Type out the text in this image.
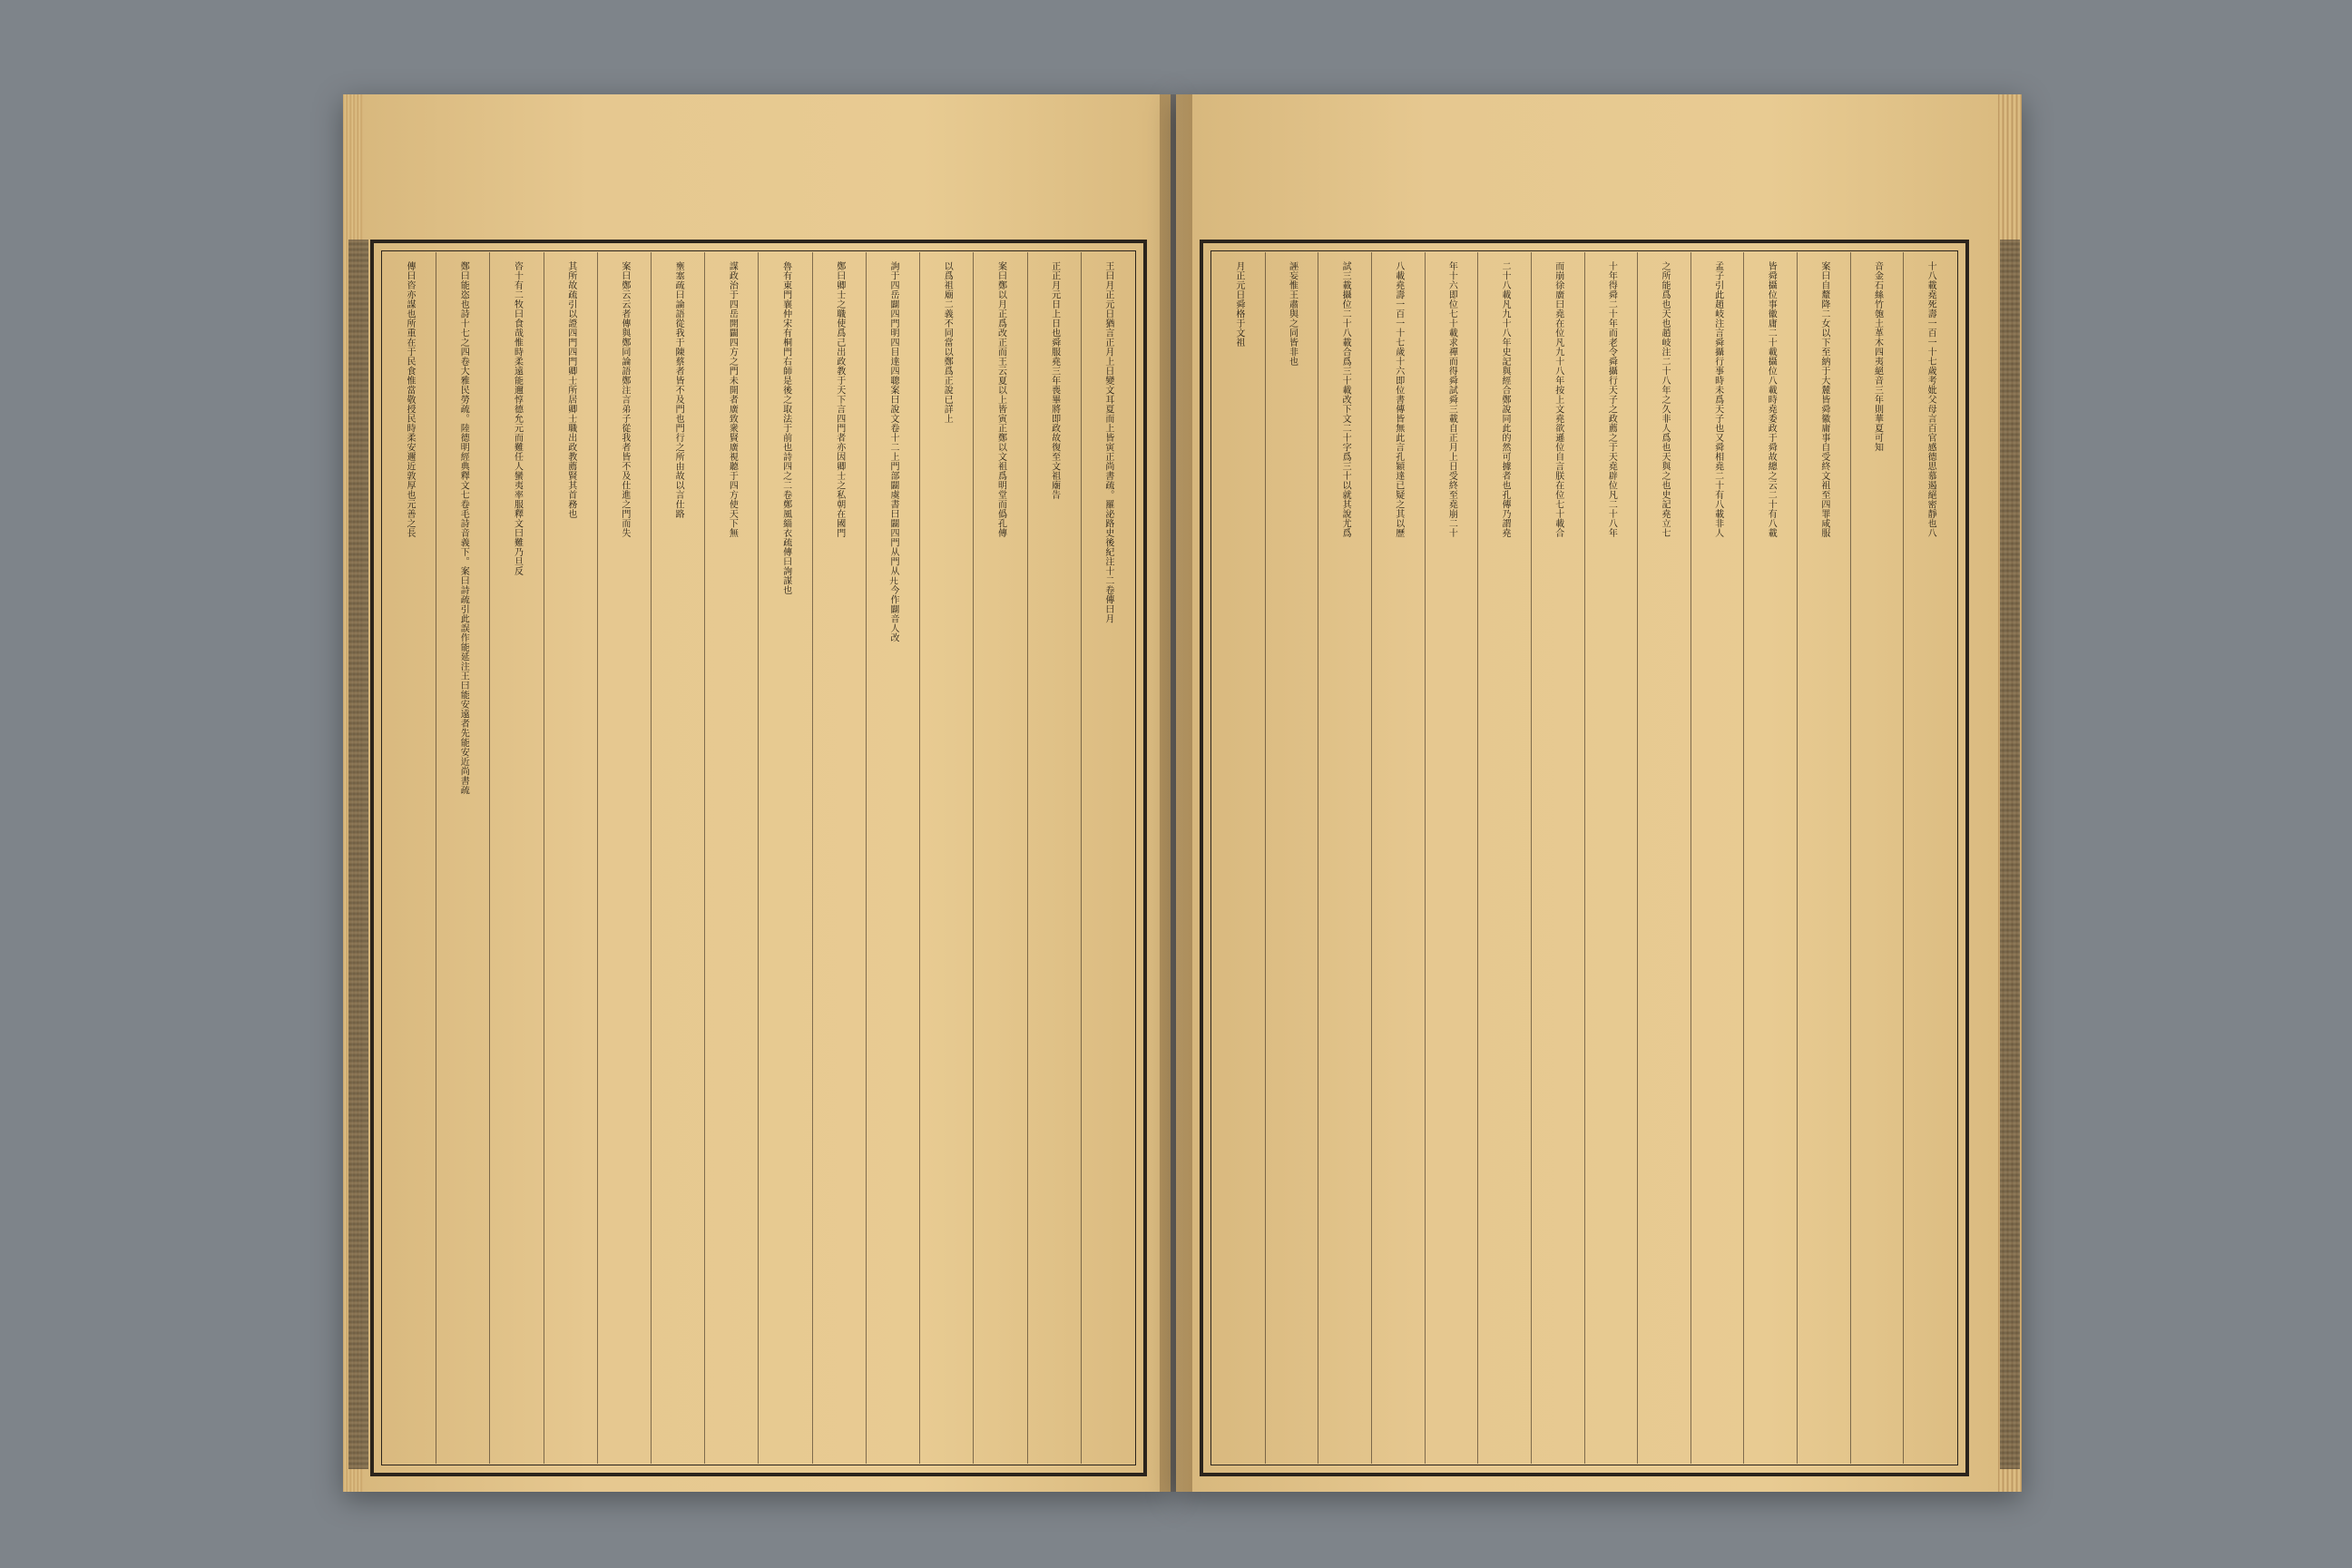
王曰月正元日猶言正月上日變文耳夏而上皆寅正尚書疏。羅泌路史後紀注十二卷傳曰月
正正月元日上日也舜服堯三年喪畢將即政故復至文祖廟告
案曰鄭以月正爲改正而王云夏以上皆寅正鄭以文祖爲明堂而僞孔傳
以爲祖廟二義不同當以鄭爲正說已詳上
詢于四岳闢四門明四目達四聰案曰說文卷十二上門部闢虞書曰闢四門从門从𢌬今作闢音人改
鄭曰卿士之職使爲己出政教于天下言四門者亦因卿士之私朝在國門
魯有東門襄仲宋有桐門右師是後之取法于前也詩四之二卷鄭風緇衣疏傳曰詢謀也
謀政治于四岳開闢四方之門未開者廣致衆賢廣視聽于四方使天下無
壅塞疏曰論語從我于陳蔡者皆不及門也門行之所由故以言仕路
案曰鄭云云者傳與鄭同論語鄭注言弟子從我者皆不及仕進之門而失
其所故疏引以證四門四門卿士所居卿士職出政教薦賢其首務也
咨十有二牧曰食哉惟時柔遠能邇惇德允元而難任人蠻夷率服釋文曰難乃旦反
鄭曰能恣也詩十七之四卷大雅民勞疏。陸德明經典釋文七卷毛詩音義下。案曰詩疏引此誤作能延注王曰能安遠者先能安近尚書疏
傳曰咨亦謀也所重在于民食惟當敬授民時柔安邇近敦厚也元善之長	十八載堯死壽一百一十七歲考妣父母言百官感德思慕遏絕密靜也八
音金石絲竹匏土革木四夷絕音三年則華夏可知
案曰自釐降二女以下至納于大麓皆舜徽庸事自受終文祖至四罪咸服
皆舜攝位事徽庸二十載攝位八載時堯委政于舜故總之云二十有八載
孟子引此趙岐注言舜攝行事時未爲天子也又舜相堯二十有八載非人
之所能爲也天也趙岐注二十八年之久非人爲也天與之也史記堯立七
十年得舜二十年而老令舜攝行天子之政薦之于天堯辟位凡二十八年
而崩徐廣曰堯在位凡九十八年按上文堯欲遜位自言朕在位七十載合
二十八載凡九十八年史記與經合鄭說同此的然可據者也孔傳乃謂堯
年十六即位七十載求禪而得舜試舜三載自正月上日受終至堯崩二十
八載堯壽一百一十七歲十六即位書傳皆無此言孔穎達已疑之其以歷
試三載攝位二十八載合爲三十載改下文二十字爲三十以就其說尤爲
誣妄惟王肅與之同皆非也
月正元日舜格于文祖
